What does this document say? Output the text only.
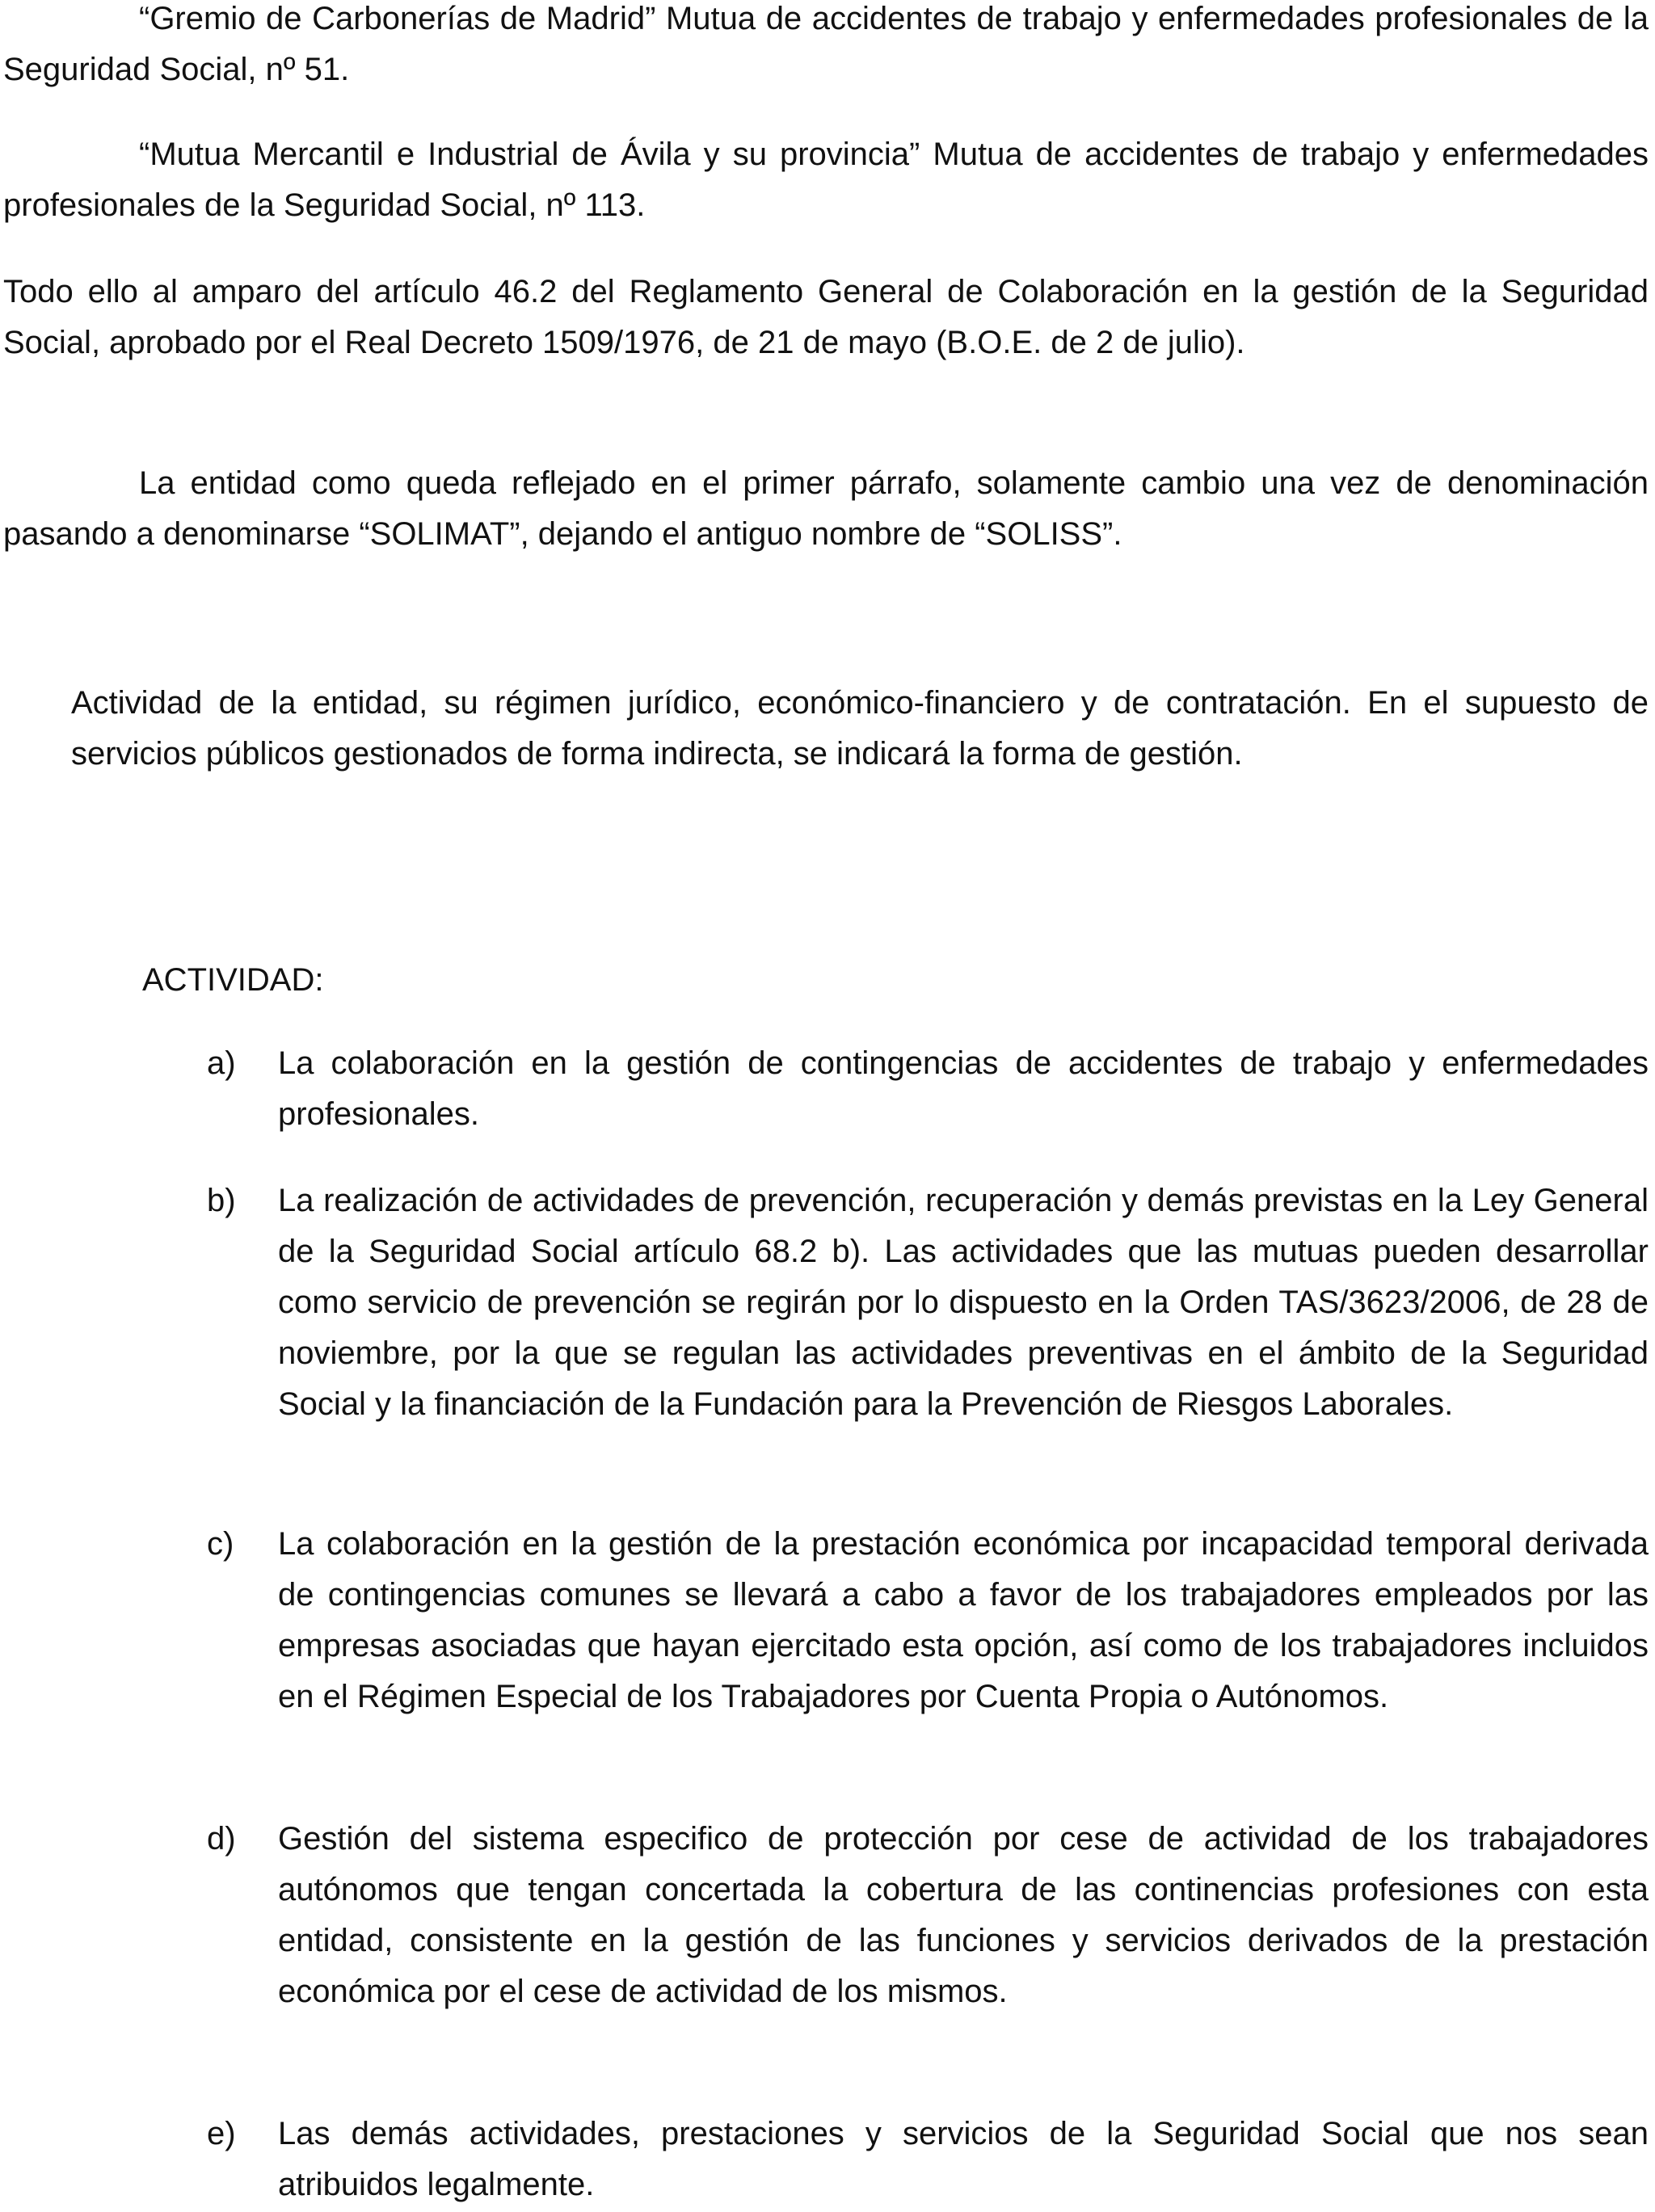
“Gremio de Carbonerías de Madrid” Mutua de accidentes de trabajo y enfermedades profesionales de la Seguridad Social, nº 51.

“Mutua Mercantil e Industrial de Ávila y su provincia” Mutua de accidentes de trabajo y enfermedades profesionales de la Seguridad Social, nº 113.

Todo ello al amparo del artículo 46.2 del Reglamento General de Colaboración en la gestión de la Seguridad Social, aprobado por el Real Decreto 1509/1976, de 21 de mayo (B.O.E. de 2 de julio).

La entidad como queda reflejado en el primer párrafo, solamente cambio una vez de denominación pasando a denominarse “SOLIMAT”, dejando el antiguo nombre de “SOLISS”.

Actividad de la entidad, su régimen jurídico, económico-financiero y de contratación. En el supuesto de servicios públicos gestionados de forma indirecta, se indicará la forma de gestión.

ACTIVIDAD:
a)	La colaboración en la gestión de contingencias de accidentes de trabajo y enfermedades profesionales.
b)	La realización de actividades de prevención, recuperación y demás previstas en la Ley General de la Seguridad Social artículo 68.2 b). Las actividades que las mutuas pueden desarrollar como servicio de prevención se regirán por lo dispuesto en la Orden TAS/3623/2006, de 28 de noviembre, por la que se regulan las actividades preventivas en el ámbito de la Seguridad Social y la financiación de la Fundación para la Prevención de Riesgos Laborales.
c)	La colaboración en la gestión de la prestación económica por incapacidad temporal derivada de contingencias comunes se llevará a cabo a favor de los trabajadores empleados por las empresas asociadas que hayan ejercitado esta opción, así como de los trabajadores incluidos en el Régimen Especial de los Trabajadores por Cuenta Propia o Autónomos.
d)	Gestión del sistema especifico de protección por cese de actividad de los trabajadores autónomos que tengan concertada la cobertura de las continencias profesiones con esta entidad, consistente en la gestión de las funciones y servicios derivados de la prestación económica por el cese de actividad de los mismos.
e)	Las demás actividades, prestaciones y servicios de la Seguridad Social que nos sean atribuidos legalmente.
